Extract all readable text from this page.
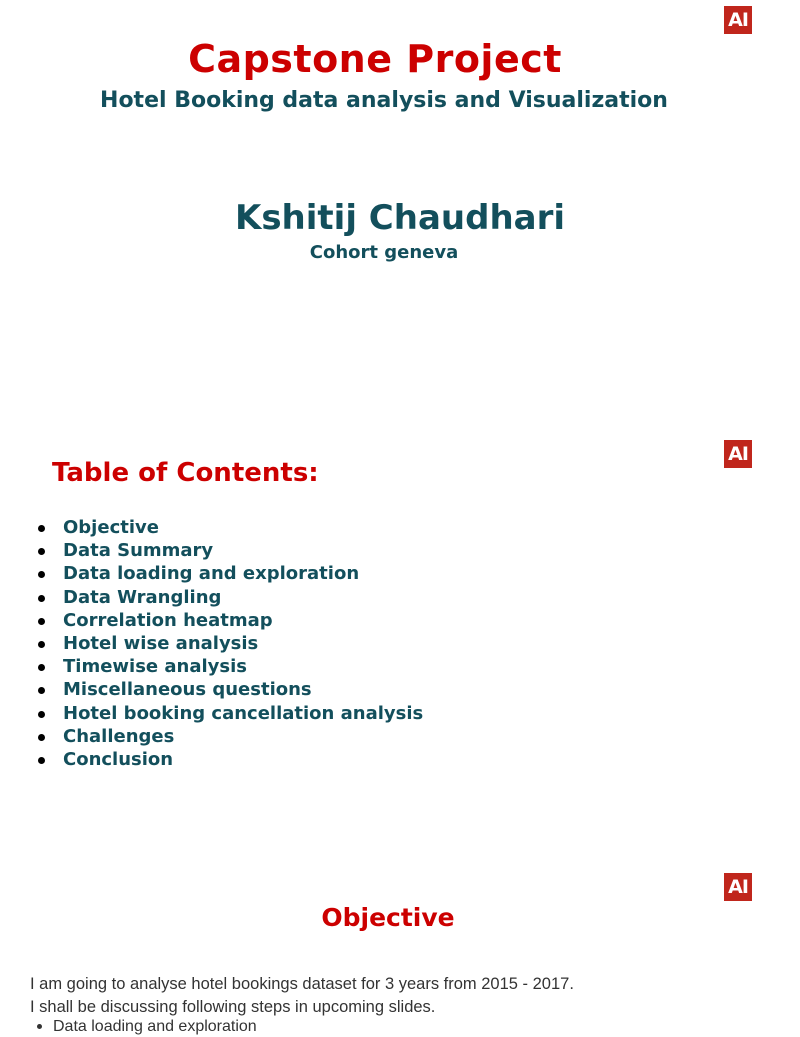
AI
Capstone Project
Hotel Booking data analysis and Visualization
Kshitij Chaudhari
Cohort geneva
AI
Table of Contents:
Objective
Data Summary
Data loading and exploration
Data Wrangling
Correlation heatmap
Hotel wise analysis
Timewise analysis
Miscellaneous questions
Hotel booking cancellation analysis
Challenges
Conclusion
AI
Objective
I am going to analyse hotel bookings dataset for 3 years from 2015 - 2017.
I shall be discussing following steps in upcoming slides.
Data loading and exploration
